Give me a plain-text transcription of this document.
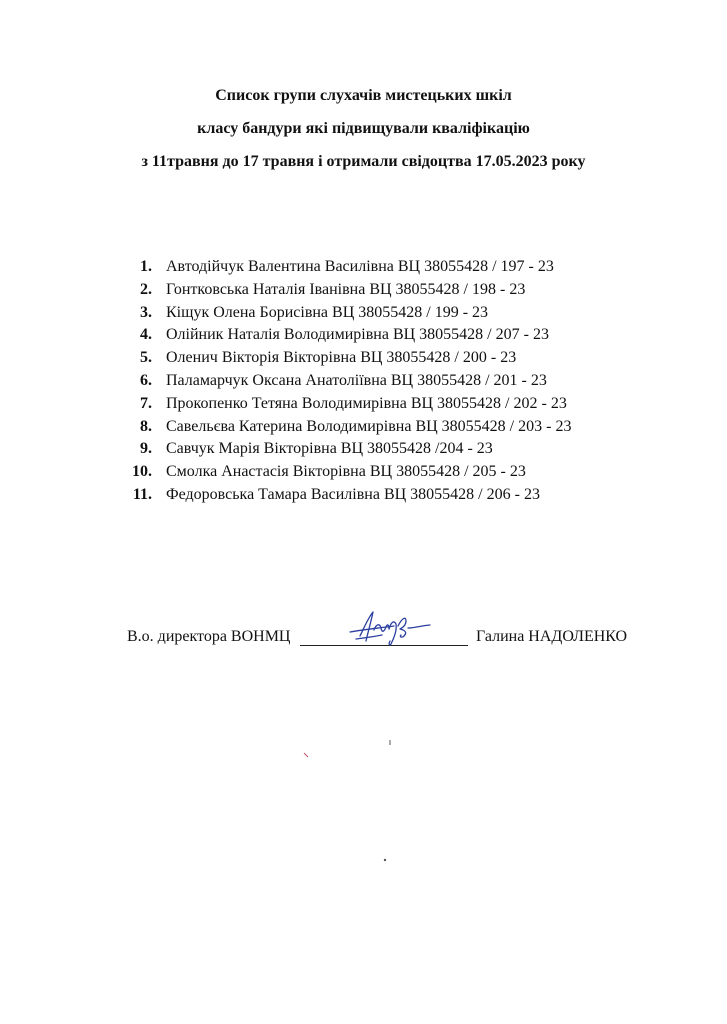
Список групи слухачів мистецьких шкіл
класу бандури які підвищували кваліфікацію
з 11травня до 17 травня і отримали свідоцтва 17.05.2023 року
1. Автодійчук Валентина Василівна ВЦ 38055428 / 197 - 23
2. Гонтковська Наталія Іванівна ВЦ 38055428 / 198 - 23
3. Кіщук Олена Борисівна ВЦ 38055428 / 199 - 23
4. Олійник Наталія Володимирівна ВЦ 38055428 / 207 - 23
5. Оленич Вікторія Вікторівна ВЦ 38055428 / 200 - 23
6. Паламарчук Оксана Анатоліївна ВЦ 38055428 / 201 - 23
7. Прокопенко Тетяна Володимирівна ВЦ 38055428 / 202 - 23
8. Савельєва Катерина Володимирівна ВЦ 38055428 / 203 - 23
9. Савчук Марія Вікторівна ВЦ 38055428 /204 - 23
10. Смолка Анастасія Вікторівна ВЦ 38055428 / 205 - 23
11. Федоровська Тамара Василівна ВЦ 38055428 / 206 - 23
В.о. директора ВОНМЦ	Галина НАДОЛЕНКО
